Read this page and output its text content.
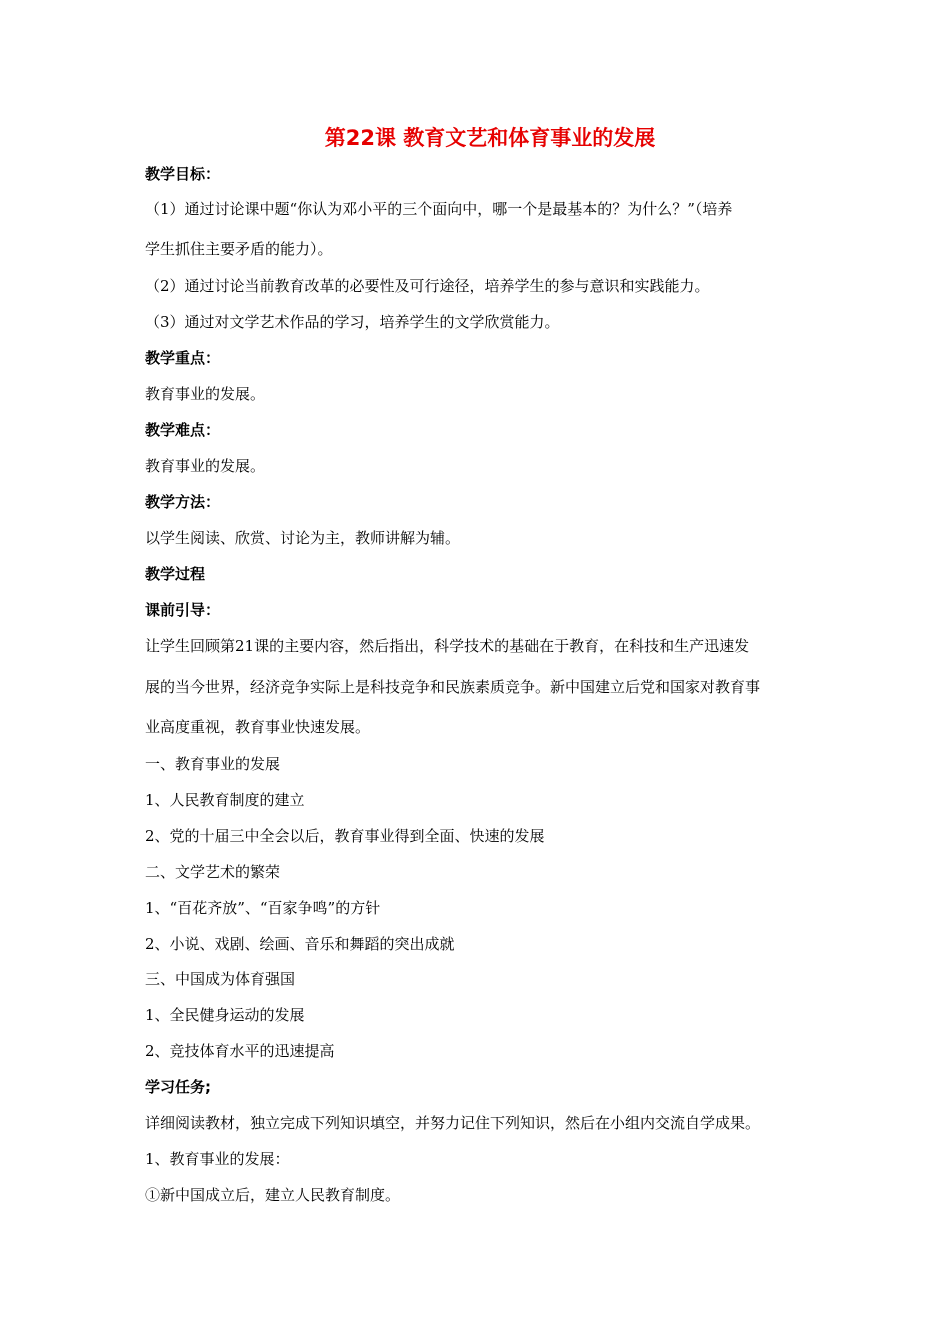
第22课 教育文艺和体育事业的发展
教学目标：
（1）通过讨论课中题“你认为邓小平的三个面向中，哪一个是最基本的？为什么？”（培养
学生抓住主要矛盾的能力）。
（2）通过讨论当前教育改革的必要性及可行途径，培养学生的参与意识和实践能力。
（3）通过对文学艺术作品的学习，培养学生的文学欣赏能力。
教学重点：
教育事业的发展。
教学难点：
教育事业的发展。
教学方法：
以学生阅读、欣赏、讨论为主，教师讲解为辅。
教学过程
课前引导：
让学生回顾第21课的主要内容，然后指出，科学技术的基础在于教育，在科技和生产迅速发
展的当今世界，经济竞争实际上是科技竞争和民族素质竞争。新中国建立后党和国家对教育事
业高度重视，教育事业快速发展。
一、教育事业的发展
1、人民教育制度的建立
2、党的十届三中全会以后，教育事业得到全面、快速的发展
二、文学艺术的繁荣
1、“百花齐放”、“百家争鸣”的方针
2、小说、戏剧、绘画、音乐和舞蹈的突出成就
三、中国成为体育强国
1、全民健身运动的发展
2、竞技体育水平的迅速提高
学习任务;
详细阅读教材，独立完成下列知识填空，并努力记住下列知识，然后在小组内交流自学成果。
1、教育事业的发展：
①新中国成立后，建立人民教育制度。
